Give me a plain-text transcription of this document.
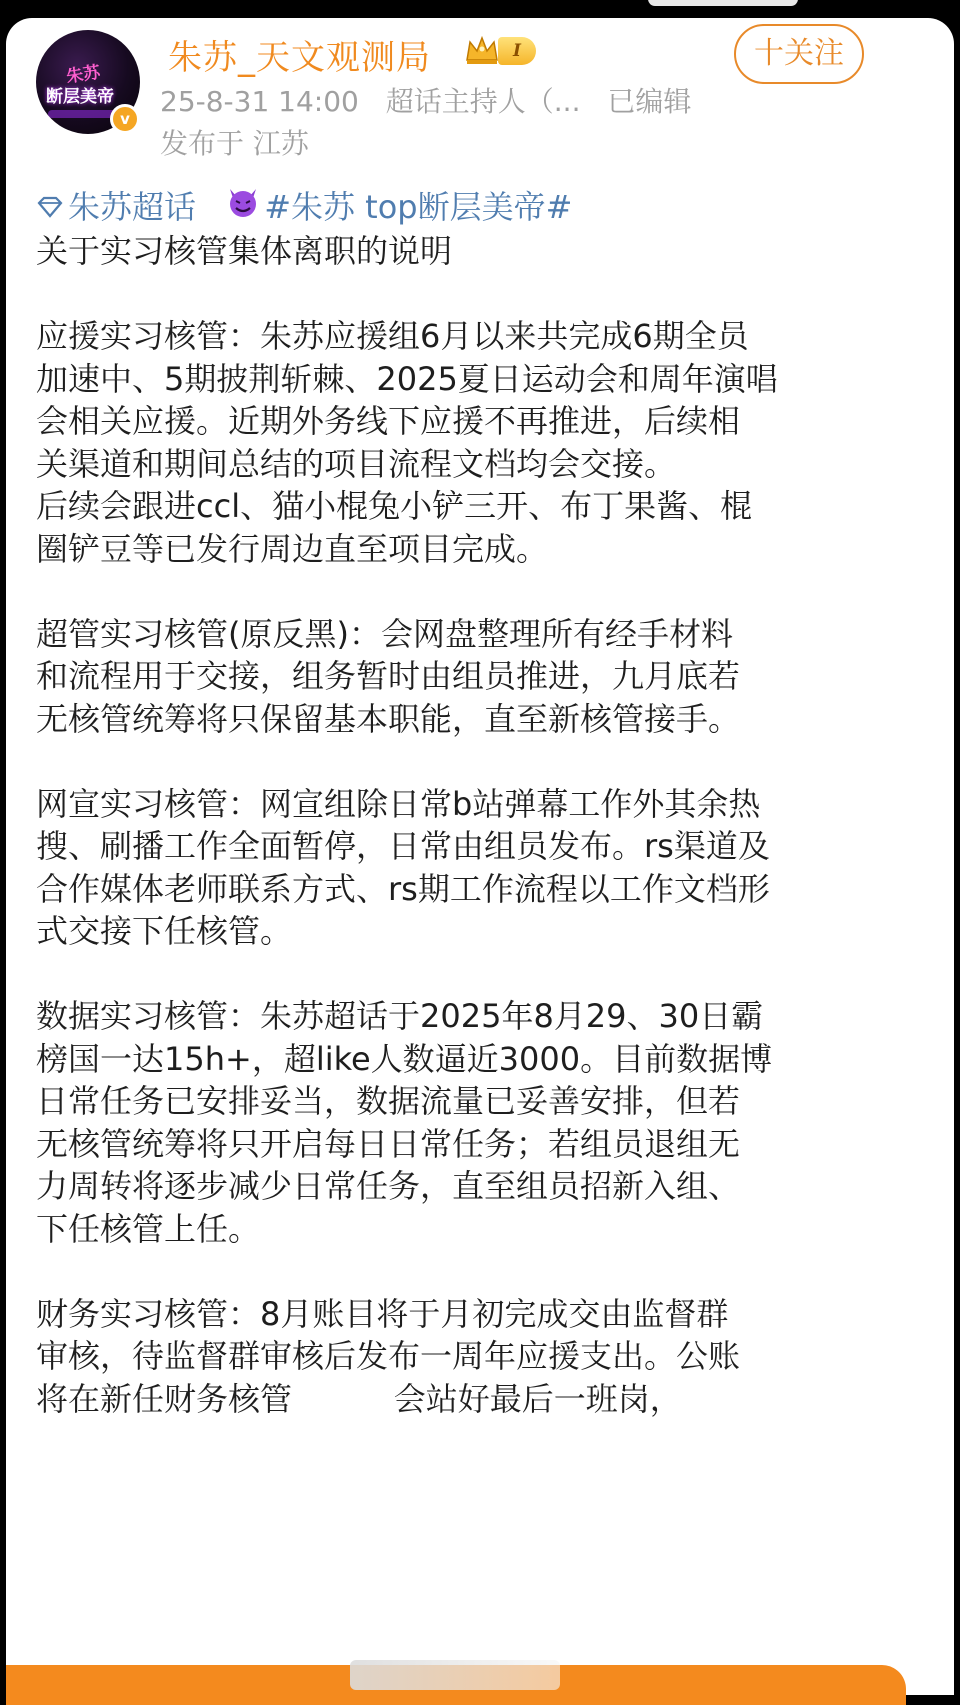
朱苏
断层美帝
v
朱苏_天文观测局	I	十关注
25-8-31 14:00 超话主持人（... 已编辑
发布于 江苏
朱苏超话 #朱苏 top断层美帝#

关于实习核管集体离职的说明

应援实习核管：朱苏应援组6月以来共完成6期全员
加速中、5期披荆斩棘、2025夏日运动会和周年演唱
会相关应援。近期外务线下应援不再推进，后续相
关渠道和期间总结的项目流程文档均会交接。
后续会跟进ccl、猫小棍兔小铲三开、布丁果酱、棍
圈铲豆等已发行周边直至项目完成。

超管实习核管(原反黑)：会网盘整理所有经手材料
和流程用于交接，组务暂时由组员推进，九月底若
无核管统筹将只保留基本职能，直至新核管接手。

网宣实习核管：网宣组除日常b站弹幕工作外其余热
搜、刷播工作全面暂停，日常由组员发布。rs渠道及
合作媒体老师联系方式、rs期工作流程以工作文档形
式交接下任核管。

数据实习核管：朱苏超话于2025年8月29、30日霸
榜国一达15h+，超like人数逼近3000。目前数据博
日常任务已安排妥当，数据流量已妥善安排，但若
无核管统筹将只开启每日日常任务；若组员退组无
力周转将逐步减少日常任务，直至组员招新入组、
下任核管上任。

财务实习核管：8月账目将于月初完成交由监督群
审核，待监督群审核后发布一周年应援支出。公账
将在新任财务核管          会站好最后一班岗，
